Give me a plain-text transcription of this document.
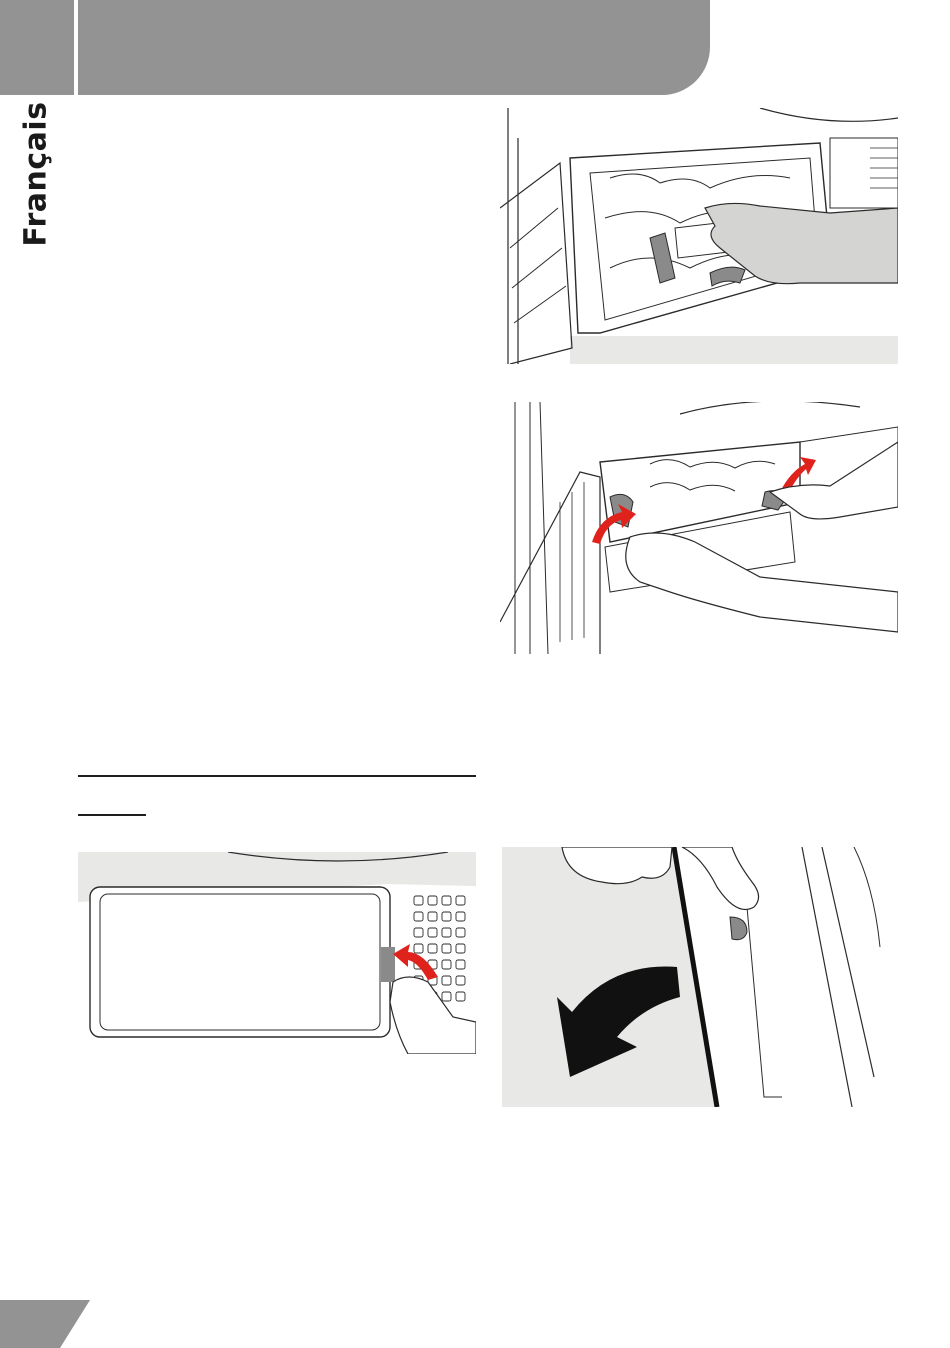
Français
